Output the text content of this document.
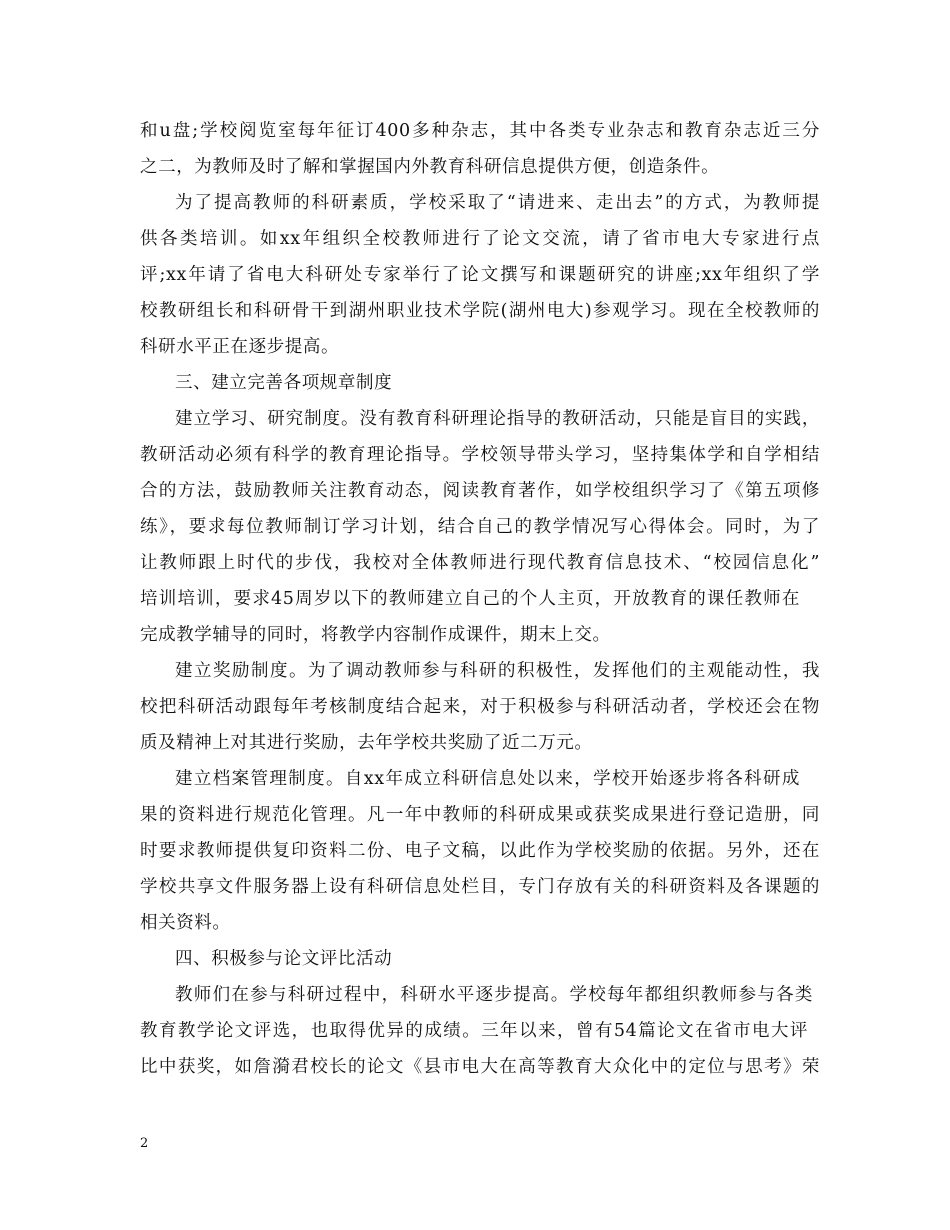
和u盘;学校阅览室每年征订400多种杂志，其中各类专业杂志和教育杂志近三分
之二，为教师及时了解和掌握国内外教育科研信息提供方便，创造条件。
为了提高教师的科研素质，学校采取了“请进来、走出去”的方式，为教师提
供各类培训。如xx年组织全校教师进行了论文交流，请了省市电大专家进行点
评;xx年请了省电大科研处专家举行了论文撰写和课题研究的讲座;xx年组织了学
校教研组长和科研骨干到湖州职业技术学院(湖州电大)参观学习。现在全校教师的
科研水平正在逐步提高。
三、建立完善各项规章制度
建立学习、研究制度。没有教育科研理论指导的教研活动，只能是盲目的实践，
教研活动必须有科学的教育理论指导。学校领导带头学习，坚持集体学和自学相结
合的方法，鼓励教师关注教育动态，阅读教育著作，如学校组织学习了《第五项修
练》，要求每位教师制订学习计划，结合自己的教学情况写心得体会。同时，为了
让教师跟上时代的步伐，我校对全体教师进行现代教育信息技术、“校园信息化”
培训培训，要求45周岁以下的教师建立自己的个人主页，开放教育的课任教师在
完成教学辅导的同时，将教学内容制作成课件，期末上交。
建立奖励制度。为了调动教师参与科研的积极性，发挥他们的主观能动性，我
校把科研活动跟每年考核制度结合起来，对于积极参与科研活动者，学校还会在物
质及精神上对其进行奖励，去年学校共奖励了近二万元。
建立档案管理制度。自xx年成立科研信息处以来，学校开始逐步将各科研成
果的资料进行规范化管理。凡一年中教师的科研成果或获奖成果进行登记造册，同
时要求教师提供复印资料二份、电子文稿，以此作为学校奖励的依据。另外，还在
学校共享文件服务器上设有科研信息处栏目，专门存放有关的科研资料及各课题的
相关资料。
四、积极参与论文评比活动
教师们在参与科研过程中，科研水平逐步提高。学校每年都组织教师参与各类
教育教学论文评选，也取得优异的成绩。三年以来，曾有54篇论文在省市电大评
比中获奖，如詹漪君校长的论文《县市电大在高等教育大众化中的定位与思考》荣
2
